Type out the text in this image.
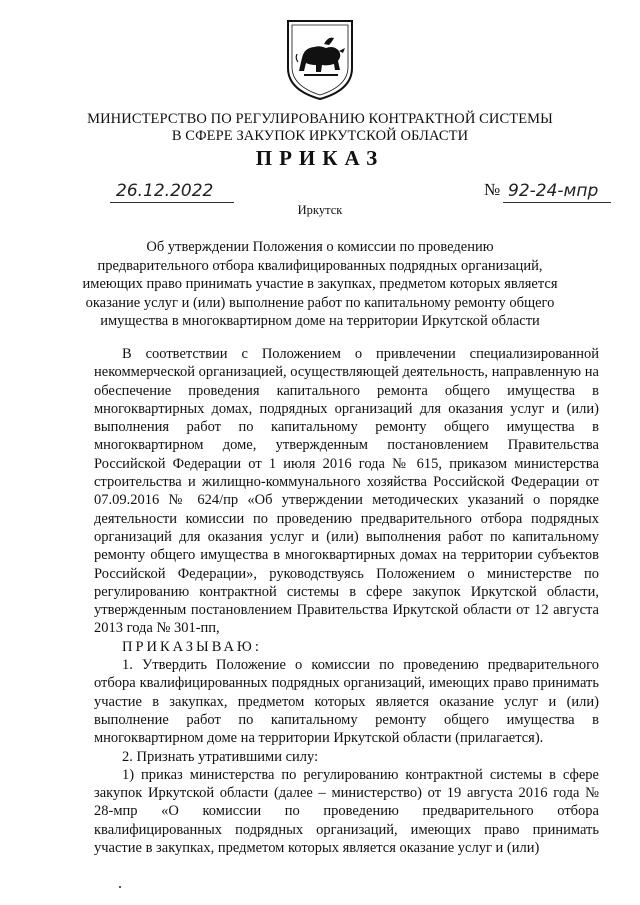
МИНИСТЕРСТВО ПО РЕГУЛИРОВАНИЮ КОНТРАКТНОЙ СИСТЕМЫ
В СФЕРЕ ЗАКУПОК ИРКУТСКОЙ ОБЛАСТИ
ПРИКАЗ
26.12.2022	№ 92-24-мпр
Иркутск
Об утверждении Положения о комиссии по проведению
предварительного отбора квалифицированных подрядных организаций,
имеющих право принимать участие в закупках, предметом которых является
оказание услуг и (или) выполнение работ по капитальному ремонту общего
имущества в многоквартирном доме на территории Иркутской области

В соответствии с Положением о привлечении специализированной некоммерческой организацией, осуществляющей деятельность, направленную на обеспечение проведения капитального ремонта общего имущества в многоквартирных домах, подрядных организаций для оказания услуг и (или) выполнения работ по капитальному ремонту общего имущества в многоквартирном доме, утвержденным постановлением Правительства Российской Федерации от 1 июля 2016 года № 615, приказом министерства строительства и жилищно-коммунального хозяйства Российской Федерации от 07.09.2016 № 624/пр «Об утверждении методических указаний о порядке деятельности комиссии по проведению предварительного отбора подрядных организаций для оказания услуг и (или) выполнения работ по капитальному ремонту общего имущества в многоквартирных домах на территории субъектов Российской Федерации», руководствуясь Положением о министерстве по регулированию контрактной системы в сфере закупок Иркутской области, утвержденным постановлением Правительства Иркутской области от 12 августа 2013 года № 301-пп,

ПРИКАЗЫВАЮ:

1. Утвердить Положение о комиссии по проведению предварительного отбора квалифицированных подрядных организаций, имеющих право принимать участие в закупках, предметом которых является оказание услуг и (или) выполнение работ по капитальному ремонту общего имущества в многоквартирном доме на территории Иркутской области (прилагается).

2. Признать утратившими силу:

1) приказ министерства по регулированию контрактной системы в сфере закупок Иркутской области (далее – министерство) от 19 августа 2016 года № 28-мпр «О комиссии по проведению предварительного отбора квалифицированных подрядных организаций, имеющих право принимать участие в закупках, предметом которых является оказание услуг и (или)
